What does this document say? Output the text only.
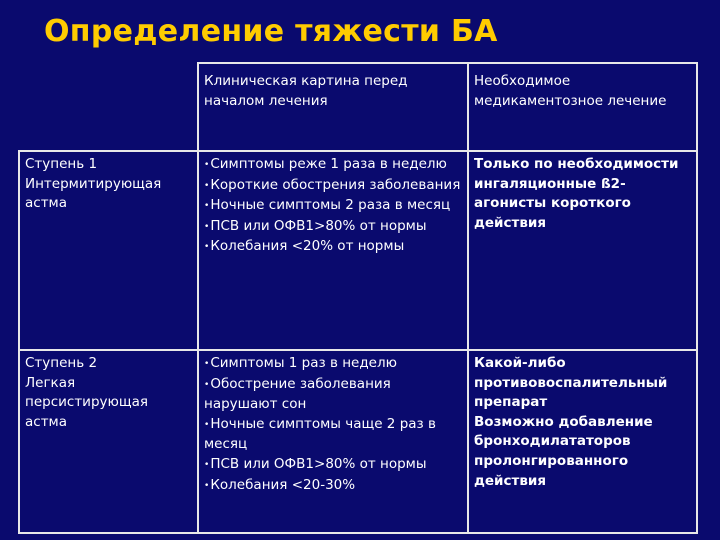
Определение тяжести БА
	Клиническая картина перед началом лечения	Необходимое медикаментозное лечение

Ступень 1
Интермитирующая астма	•Симптомы реже 1 раза в неделю
•Короткие обострения заболевания
•Ночные симптомы 2 раза в месяц
•ПСВ или ОФВ1>80% от нормы
•Колебания <20% от нормы	Только по необходимости ингаляционные ß2-агонисты короткого действия

Ступень 2
Легкая персистирующая астма	•Симптомы 1 раз в неделю
•Обострение заболевания нарушают сон
•Ночные симптомы чаще 2 раз в месяц
•ПСВ или ОФВ1>80% от нормы
•Колебания <20-30%	Какой-либо противовоспалительный препарат
Возможно добавление бронходилататоров пролонгированного действия
